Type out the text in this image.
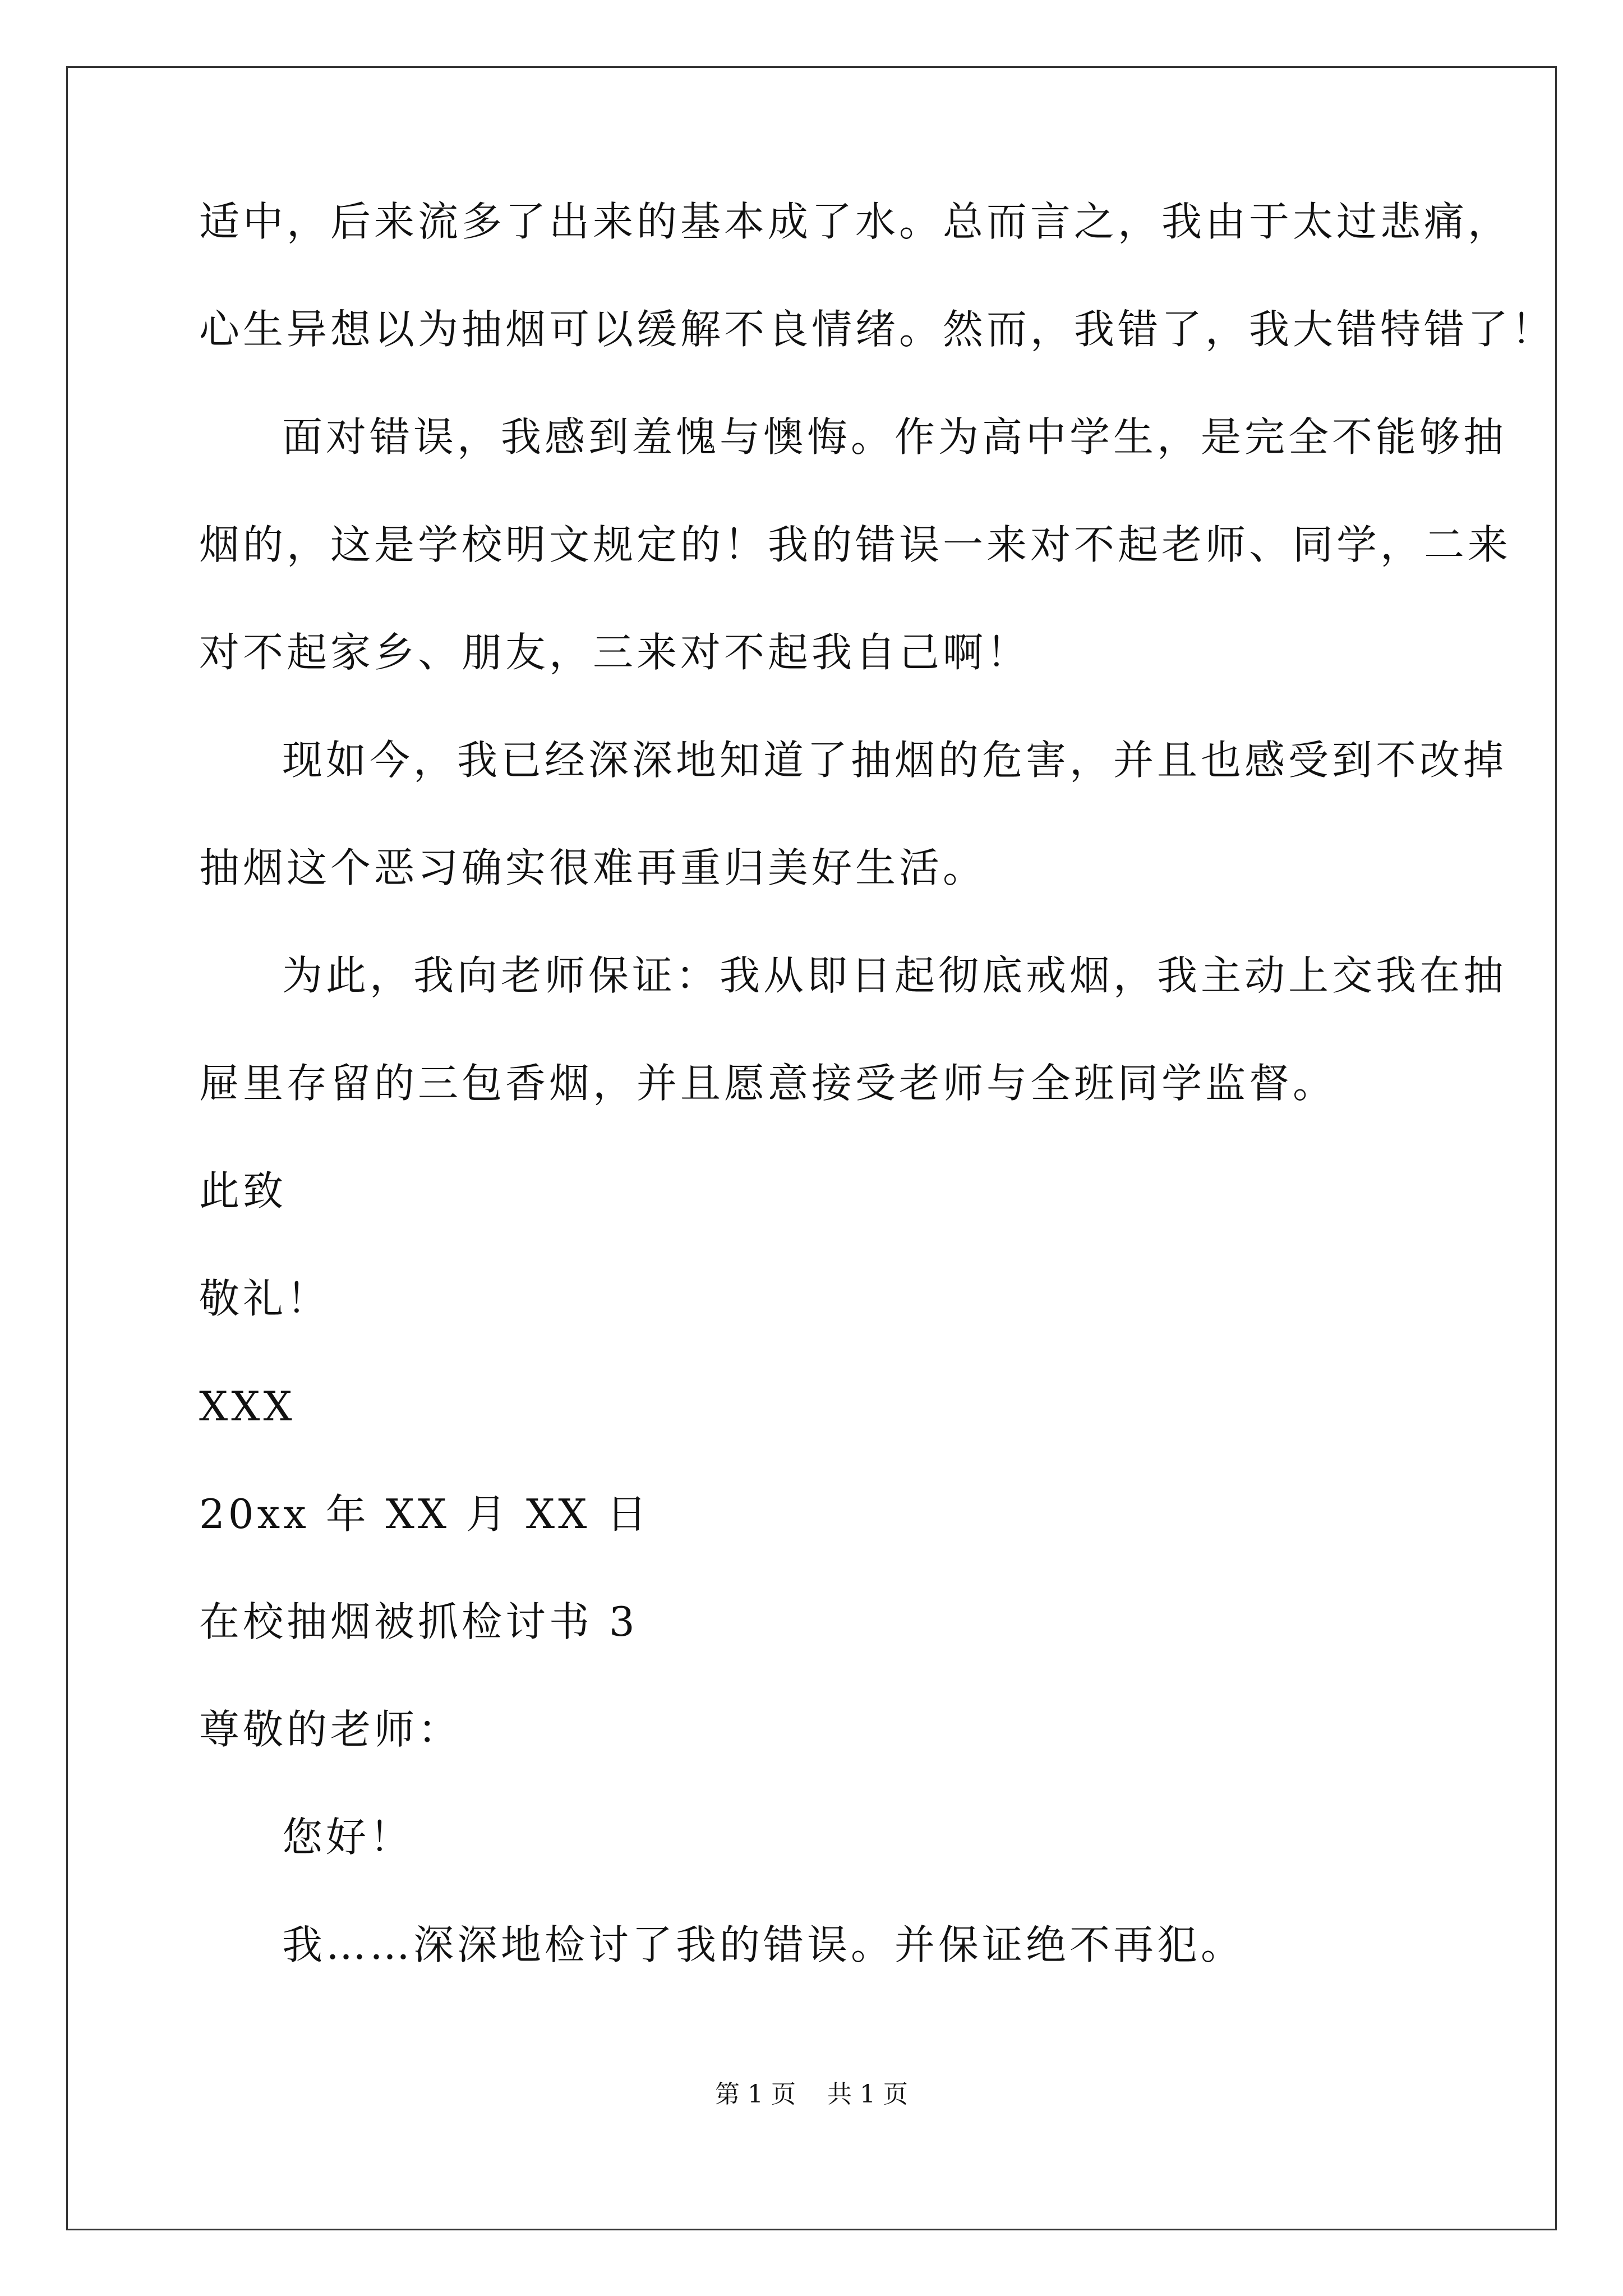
适中，后来流多了出来的基本成了水。总而言之，我由于太过悲痛，
心生异想以为抽烟可以缓解不良情绪。然而，我错了，我大错特错了！
面对错误，我感到羞愧与懊悔。作为高中学生，是完全不能够抽
烟的，这是学校明文规定的！我的错误一来对不起老师、同学，二来
对不起家乡、朋友，三来对不起我自己啊！
现如今，我已经深深地知道了抽烟的危害，并且也感受到不改掉
抽烟这个恶习确实很难再重归美好生活。
为此，我向老师保证：我从即日起彻底戒烟，我主动上交我在抽
屉里存留的三包香烟，并且愿意接受老师与全班同学监督。
此致
敬礼！
XXX
20xx 年 XX 月 XX 日
在校抽烟被抓检讨书 3
尊敬的老师：
您好！
我……深深地检讨了我的错误。并保证绝不再犯。
第 1 页    共 1 页
